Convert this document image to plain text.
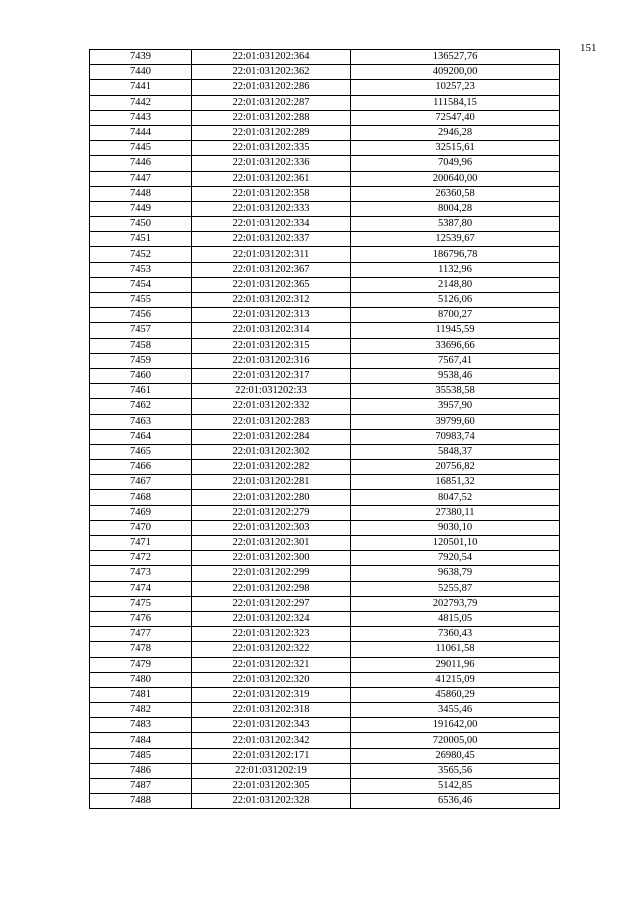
151
7439	22:01:031202:364	136527,76
7440	22:01:031202:362	409200,00
7441	22:01:031202:286	10257,23
7442	22:01:031202:287	111584,15
7443	22:01:031202:288	72547,40
7444	22:01:031202:289	2946,28
7445	22:01:031202:335	32515,61
7446	22:01:031202:336	7049,96
7447	22:01:031202:361	200640,00
7448	22:01:031202:358	26360,58
7449	22:01:031202:333	8004,28
7450	22:01:031202:334	5387,80
7451	22:01:031202:337	12539,67
7452	22:01:031202:311	186796,78
7453	22:01:031202:367	1132,96
7454	22:01:031202:365	2148,80
7455	22:01:031202:312	5126,06
7456	22:01:031202:313	8700,27
7457	22:01:031202:314	11945,59
7458	22:01:031202:315	33696,66
7459	22:01:031202:316	7567,41
7460	22:01:031202:317	9538,46
7461	22:01:031202:33	35538,58
7462	22:01:031202:332	3957,90
7463	22:01:031202:283	39799,60
7464	22:01:031202:284	70983,74
7465	22:01:031202:302	5848,37
7466	22:01:031202:282	20756,82
7467	22:01:031202:281	16851,32
7468	22:01:031202:280	8047,52
7469	22:01:031202:279	27380,11
7470	22:01:031202:303	9030,10
7471	22:01:031202:301	120501,10
7472	22:01:031202:300	7920,54
7473	22:01:031202:299	9638,79
7474	22:01:031202:298	5255,87
7475	22:01:031202:297	202793,79
7476	22:01:031202:324	4815,05
7477	22:01:031202:323	7360,43
7478	22:01:031202:322	11061,58
7479	22:01:031202:321	29011,96
7480	22:01:031202:320	41215,09
7481	22:01:031202:319	45860,29
7482	22:01:031202:318	3455,46
7483	22:01:031202:343	191642,00
7484	22:01:031202:342	720005,00
7485	22:01:031202:171	26980,45
7486	22:01:031202:19	3565,56
7487	22:01:031202:305	5142,85
7488	22:01:031202:328	6536,46
